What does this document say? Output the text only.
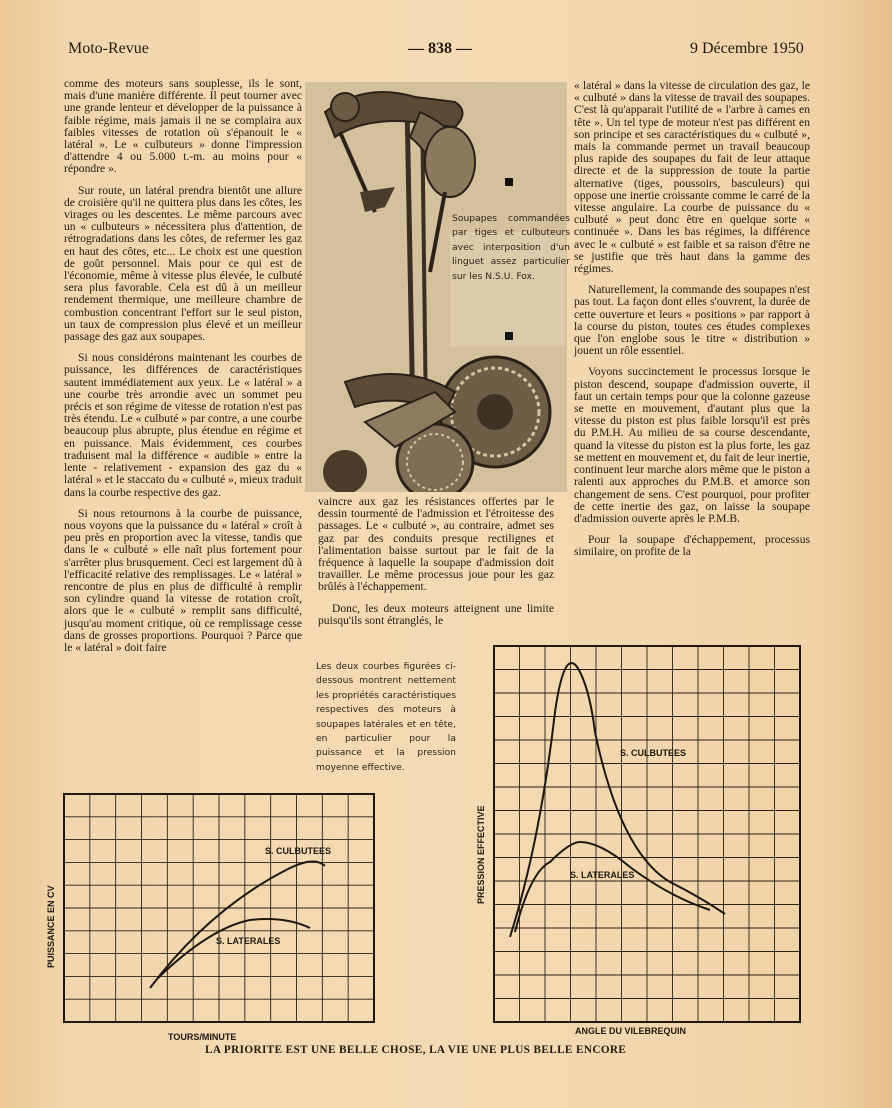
Moto-Revue	— 838 —	9 Décembre 1950

comme des moteurs sans souplesse, ils le sont, mais d'une manière différente. Il peut tourner avec une grande lenteur et développer de la puissance à faible régime, mais jamais il ne se complaira aux faibles vitesses de rotation où s'épanouit le « latéral ». Le « culbuteurs » donne l'impression d'attendre 4 ou 5.000 t.-m. au moins pour « répondre ».

Sur route, un latéral prendra bientôt une allure de croisière qu'il ne quittera plus dans les côtes, les virages ou les descentes. Le même parcours avec un « culbuteurs » nécessitera plus d'attention, de rétrogradations dans les côtes, de refermer les gaz en haut des côtes, etc... Le choix est une question de goût personnel. Mais pour ce qui est de l'économie, même à vitesse plus élevée, le culbuté sera plus favorable. Cela est dû à un meilleur rendement thermique, une meilleure chambre de combustion concentrant l'effort sur le seul piston, un taux de compression plus élevé et un meilleur passage des gaz aux soupapes.

Si nous considérons maintenant les courbes de puissance, les différences de caractéristiques sautent immédiatement aux yeux. Le « latéral » a une courbe très arrondie avec un sommet peu précis et son régime de vitesse de rotation n'est pas très étendu. Le « culbuté » par contre, a une courbe beaucoup plus abrupte, plus étendue en régime et en puissance. Mais évidemment, ces courbes traduisent mal la différence « audible » entre la lente - relativement - expansion des gaz du « latéral » et le staccato du « culbuté », mieux traduit dans la courbe respective des gaz.

Si nous retournons à la courbe de puissance, nous voyons que la puissance du « latéral » croît à peu près en proportion avec la vitesse, tandis que dans le « culbuté » elle naît plus fortement pour s'arrêter plus brusquement. Ceci est largement dû à l'efficacité relative des remplissages. Le « latéral » rencontre de plus en plus de difficulté à remplir son cylindre quand la vitesse de rotation croît, alors que le « culbuté » remplit sans difficulté, jusqu'au moment critique, où ce remplissage cesse dans de grosses proportions. Pourquoi ? Parce que le « latéral » doit faire

Soupapes commandées par tiges et culbuteurs avec interposition d'un linguet assez particulier sur les N.S.U. Fox.

vaincre aux gaz les résistances offertes par le dessin tourmenté de l'admission et l'étroitesse des passages. Le « culbuté », au contraire, admet ses gaz par des conduits presque rectilignes et l'alimentation baisse surtout par le fait de la fréquence à laquelle la soupape d'admission doit travailler. Le même processus joue pour les gaz brûlés à l'échappement.

Donc, les deux moteurs atteignent une limite puisqu'ils sont étranglés, le

Les deux courbes figurées ci-dessous montrent nettement les propriétés caractéristiques respectives des moteurs à soupapes latérales et en tête, en particulier pour la puissance et la pression moyenne effective.

« latéral » dans la vitesse de circulation des gaz, le « culbuté » dans la vitesse de travail des soupapes. C'est là qu'apparait l'utilité de « l'arbre à cames en tête ». Un tel type de moteur n'est pas différent en son principe et ses caractéristiques du « culbuté », mais la commande permet un travail beaucoup plus rapide des soupapes du fait de leur attaque directe et de la suppression de toute la partie alternative (tiges, poussoirs, basculeurs) qui oppose une inertie croissante comme le carré de la vitesse angulaire. La courbe de puissance du « culbuté » peut donc être en quelque sorte « continuée ». Dans les bas régimes, la différence avec le « culbuté » est faible et sa raison d'être ne se justifie que très haut dans la gamme des régimes.

Naturellement, la commande des soupapes n'est pas tout. La façon dont elles s'ouvrent, la durée de cette ouverture et leurs « positions » par rapport à la course du piston, toutes ces études complexes que l'on englobe sous le titre « distribution » jouent un rôle essentiel.

Voyons succinctement le processus lorsque le piston descend, soupape d'admission ouverte, il faut un certain temps pour que la colonne gazeuse se mette en mouvement, d'autant plus que la vitesse du piston est plus faible lorsqu'il est près du P.M.H. Au milieu de sa course descendante, quand la vitesse du piston est la plus forte, les gaz se mettent en mouvement et, du fait de leur inertie, continuent leur marche alors même que le piston a ralenti aux approches du P.M.B. et amorce son changement de sens. C'est pourquoi, pour profiter de cette inertie des gaz, on laisse la soupape d'admission ouverte après le P.M.B.

Pour la soupape d'échappement, processus similaire, on profite de la

S. CULBUTEES
S. LATERALES
TOURS/MINUTE
PUISSANCE EN CV
S. CULBUTEES
S. LATERALES
ANGLE DU VILEBREQUIN
PRESSION EFFECTIVE
LA PRIORITE EST UNE BELLE CHOSE, LA VIE UNE PLUS BELLE ENCORE
